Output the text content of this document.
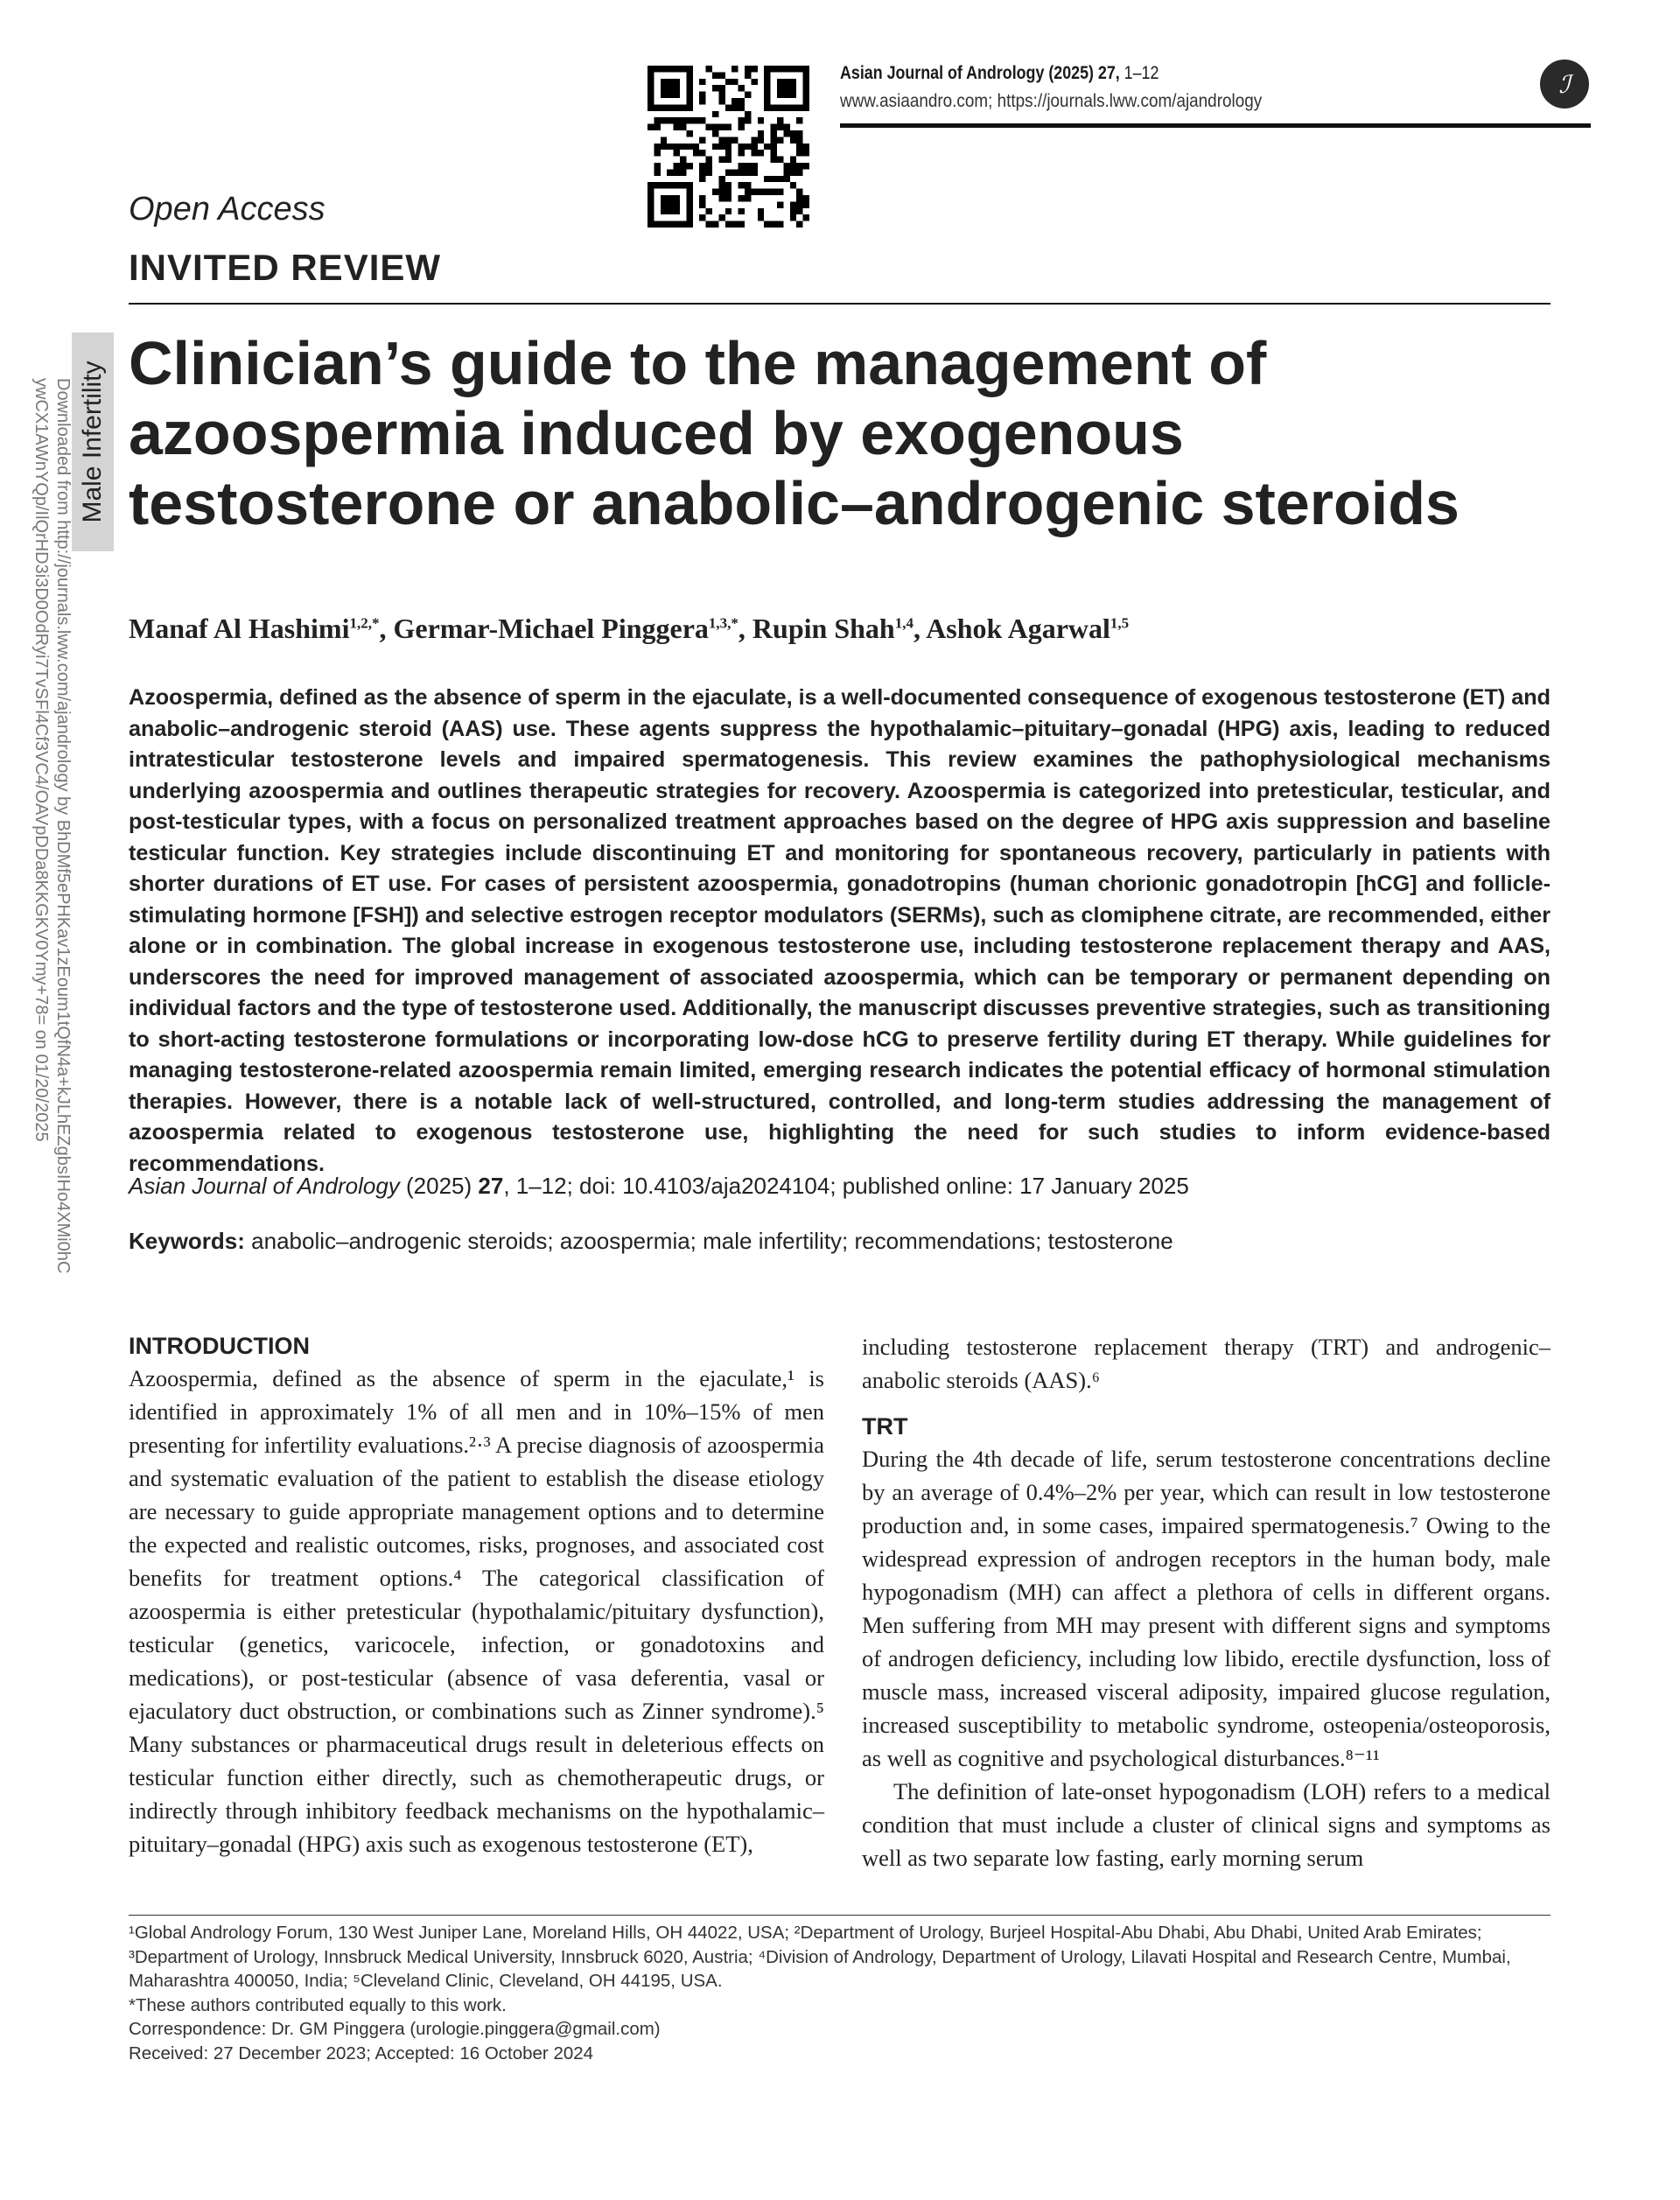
Asian Journal of Andrology (2025) 27, 1–12
www.asiaandro.com; https://journals.lww.com/ajandrology
ℐ
Male Infertility
Downloaded from http://journals.lww.com/ajandrology by BhDMf5ePHKav1zEoum1tQfN4a+kJLhEZgbsIHo4XMi0hC
ywCX1AWnYQp/IlQrHD3i3D0OdRyi7TvSFl4Cf3VC4/OAVpDDa8KKGKV0Ymy+78= on 01/20/2025
Open Access
INVITED REVIEW
Clinician’s guide to the management of azoospermia induced by exogenous testosterone or anabolic–androgenic steroids
Manaf Al Hashimi$^{1,2,*}$, Germar-Michael Pinggera$^{1,3,*}$, Rupin Shah$^{1,4}$, Ashok Agarwal$^{1,5}$

Azoospermia, defined as the absence of sperm in the ejaculate, is a well-documented consequence of exogenous testosterone (ET) and anabolic–androgenic steroid (AAS) use. These agents suppress the hypothalamic–pituitary–gonadal (HPG) axis, leading to reduced intratesticular testosterone levels and impaired spermatogenesis. This review examines the pathophysiological mechanisms underlying azoospermia and outlines therapeutic strategies for recovery. Azoospermia is categorized into pretesticular, testicular, and post-testicular types, with a focus on personalized treatment approaches based on the degree of HPG axis suppression and baseline testicular function. Key strategies include discontinuing ET and monitoring for spontaneous recovery, particularly in patients with shorter durations of ET use. For cases of persistent azoospermia, gonadotropins (human chorionic gonadotropin [hCG] and follicle-stimulating hormone [FSH]) and selective estrogen receptor modulators (SERMs), such as clomiphene citrate, are recommended, either alone or in combination. The global increase in exogenous testosterone use, including testosterone replacement therapy and AAS, underscores the need for improved management of associated azoospermia, which can be temporary or permanent depending on individual factors and the type of testosterone used. Additionally, the manuscript discusses preventive strategies, such as transitioning to short-acting testosterone formulations or incorporating low-dose hCG to preserve fertility during ET therapy. While guidelines for managing testosterone-related azoospermia remain limited, emerging research indicates the potential efficacy of hormonal stimulation therapies. However, there is a notable lack of well-structured, controlled, and long-term studies addressing the management of azoospermia related to exogenous testosterone use, highlighting the need for such studies to inform evidence-based recommendations.

Asian Journal of Andrology (2025) 27, 1–12; doi: 10.4103/aja2024104; published online: 17 January 2025
Keywords: anabolic–androgenic steroids; azoospermia; male infertility; recommendations; testosterone
INTRODUCTION

Azoospermia, defined as the absence of sperm in the ejaculate,¹ is identified in approximately 1% of all men and in 10%–15% of men presenting for infertility evaluations.²·³ A precise diagnosis of azoospermia and systematic evaluation of the patient to establish the disease etiology are necessary to guide appropriate management options and to determine the expected and realistic outcomes, risks, prognoses, and associated cost benefits for treatment options.⁴ The categorical classification of azoospermia is either pretesticular (hypothalamic/pituitary dysfunction), testicular (genetics, varicocele, infection, or gonadotoxins and medications), or post-testicular (absence of vasa deferentia, vasal or ejaculatory duct obstruction, or combinations such as Zinner syndrome).⁵ Many substances or pharmaceutical drugs result in deleterious effects on testicular function either directly, such as chemotherapeutic drugs, or indirectly through inhibitory feedback mechanisms on the hypothalamic–pituitary–gonadal (HPG) axis such as exogenous testosterone (ET),

including testosterone replacement therapy (TRT) and androgenic–anabolic steroids (AAS).⁶

TRT

During the 4th decade of life, serum testosterone concentrations decline by an average of 0.4%–2% per year, which can result in low testosterone production and, in some cases, impaired spermatogenesis.⁷ Owing to the widespread expression of androgen receptors in the human body, male hypogonadism (MH) can affect a plethora of cells in different organs. Men suffering from MH may present with different signs and symptoms of androgen deficiency, including low libido, erectile dysfunction, loss of muscle mass, increased visceral adiposity, impaired glucose regulation, increased susceptibility to metabolic syndrome, osteopenia/osteoporosis, as well as cognitive and psychological disturbances.⁸⁻¹¹

The definition of late-onset hypogonadism (LOH) refers to a medical condition that must include a cluster of clinical signs and symptoms as well as two separate low fasting, early morning serum

¹Global Andrology Forum, 130 West Juniper Lane, Moreland Hills, OH 44022, USA; ²Department of Urology, Burjeel Hospital-Abu Dhabi, Abu Dhabi, United Arab Emirates; ³Department of Urology, Innsbruck Medical University, Innsbruck 6020, Austria; ⁴Division of Andrology, Department of Urology, Lilavati Hospital and Research Centre, Mumbai, Maharashtra 400050, India; ⁵Cleveland Clinic, Cleveland, OH 44195, USA.
*These authors contributed equally to this work.
Correspondence: Dr. GM Pinggera (urologie.pinggera@gmail.com)
Received: 27 December 2023; Accepted: 16 October 2024
